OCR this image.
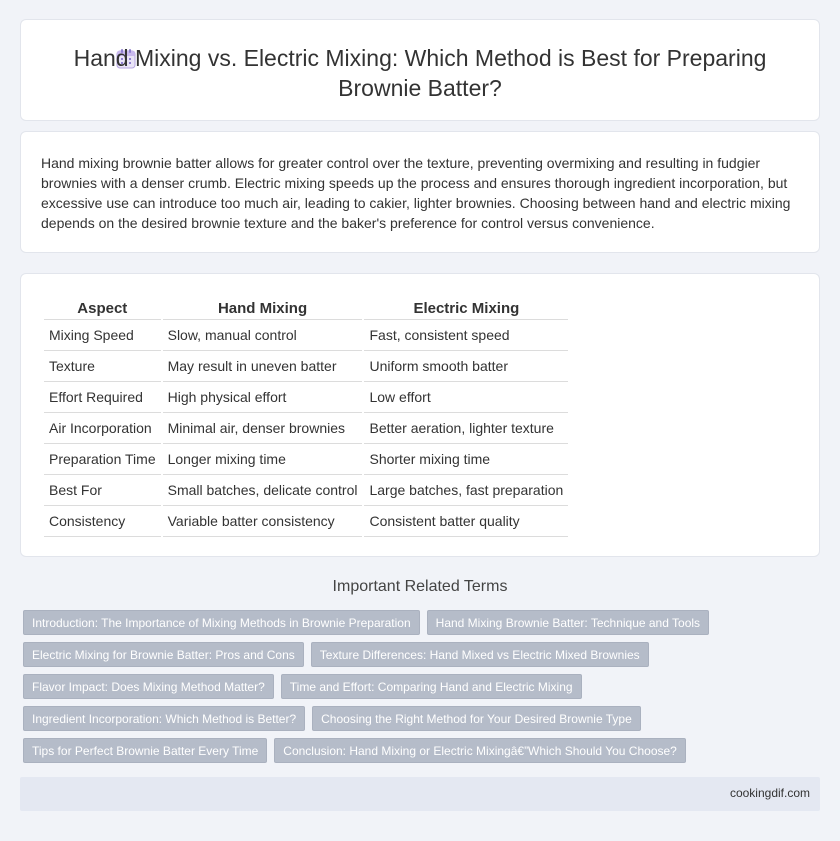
Hand Mixing vs. Electric Mixing: Which Method is Best for Preparing Brownie Batter?

Hand mixing brownie batter allows for greater control over the texture, preventing overmixing and resulting in fudgier brownies with a denser crumb. Electric mixing speeds up the process and ensures thorough ingredient incorporation, but excessive use can introduce too much air, leading to cakier, lighter brownies. Choosing between hand and electric mixing depends on the desired brownie texture and the baker's preference for control versus convenience.

Aspect	Hand Mixing	Electric Mixing
Mixing Speed	Slow, manual control	Fast, consistent speed
Texture	May result in uneven batter	Uniform smooth batter
Effort Required	High physical effort	Low effort
Air Incorporation	Minimal air, denser brownies	Better aeration, lighter texture
Preparation Time	Longer mixing time	Shorter mixing time
Best For	Small batches, delicate control	Large batches, fast preparation
Consistency	Variable batter consistency	Consistent batter quality
Important Related Terms
Introduction: The Importance of Mixing Methods in Brownie Preparation	Hand Mixing Brownie Batter: Technique and Tools
Electric Mixing for Brownie Batter: Pros and Cons	Texture Differences: Hand Mixed vs Electric Mixed Brownies
Flavor Impact: Does Mixing Method Matter?	Time and Effort: Comparing Hand and Electric Mixing
Ingredient Incorporation: Which Method is Better?	Choosing the Right Method for Your Desired Brownie Type
Tips for Perfect Brownie Batter Every Time	Conclusion: Hand Mixing or Electric Mixingâ€”Which Should You Choose?
cookingdif.com
